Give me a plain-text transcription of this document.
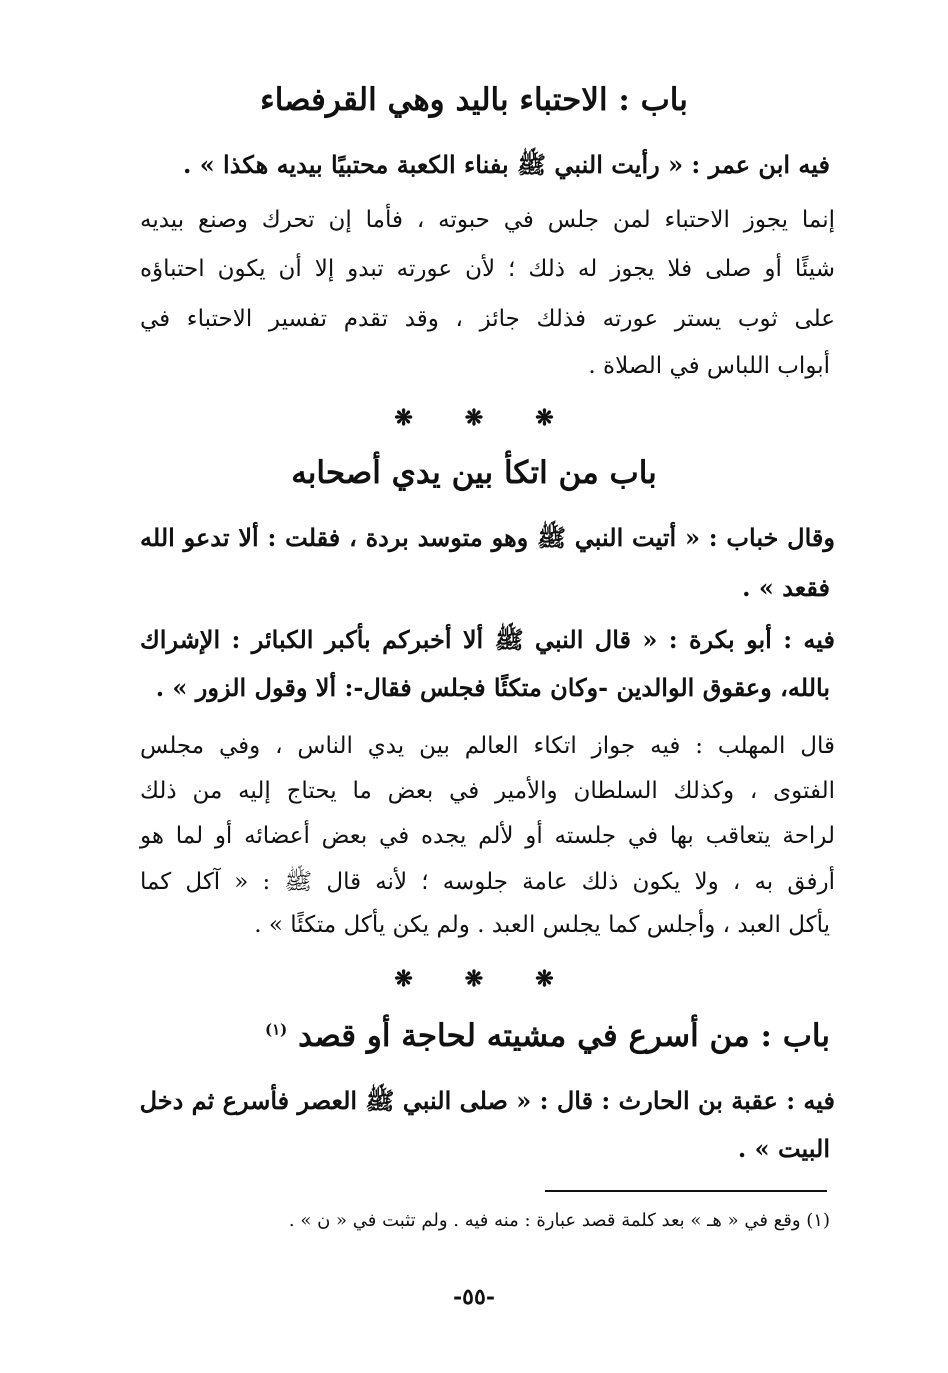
باب : الاحتباء باليد وهي القرفصاء
فيه ابن عمر : « رأيت النبي ﷺ بفناء الكعبة محتبيًا بيديه هكذا » .
إنما يجوز الاحتباء لمن جلس في حبوته ، فأما إن تحرك وصنع بيديه
شيئًا أو صلى فلا يجوز له ذلك ؛ لأن عورته تبدو إلا أن يكون احتباؤه
على ثوب يستر عورته فذلك جائز ، وقد تقدم تفسير الاحتباء في
أبواب اللباس في الصلاة .
❋ ❋ ❋
باب من اتكأ بين يدي أصحابه
وقال خباب : « أتيت النبي ﷺ وهو متوسد بردة ، فقلت : ألا تدعو الله
فقعد » .
فيه : أبو بكرة : « قال النبي ﷺ ألا أخبركم بأكبر الكبائر : الإشراك
بالله، وعقوق الوالدين -وكان متكئًا فجلس فقال-: ألا وقول الزور » .
قال المهلب : فيه جواز اتكاء العالم بين يدي الناس ، وفي مجلس
الفتوى ، وكذلك السلطان والأمير في بعض ما يحتاج إليه من ذلك
لراحة يتعاقب بها في جلسته أو لألم يجده في بعض أعضائه أو لما هو
أرفق به ، ولا يكون ذلك عامة جلوسه ؛ لأنه قال ﷺ : « آكل كما
يأكل العبد ، وأجلس كما يجلس العبد . ولم يكن يأكل متكئًا » .
❋ ❋ ❋
باب : من أسرع في مشيته لحاجة أو قصد $^{(١)}$
فيه : عقبة بن الحارث : قال : « صلى النبي ﷺ العصر فأسرع ثم دخل
البيت » .
(١) وقع في « هـ » بعد كلمة قصد عبارة : منه فيه . ولم تثبت في « ن » .
-٥٥-
